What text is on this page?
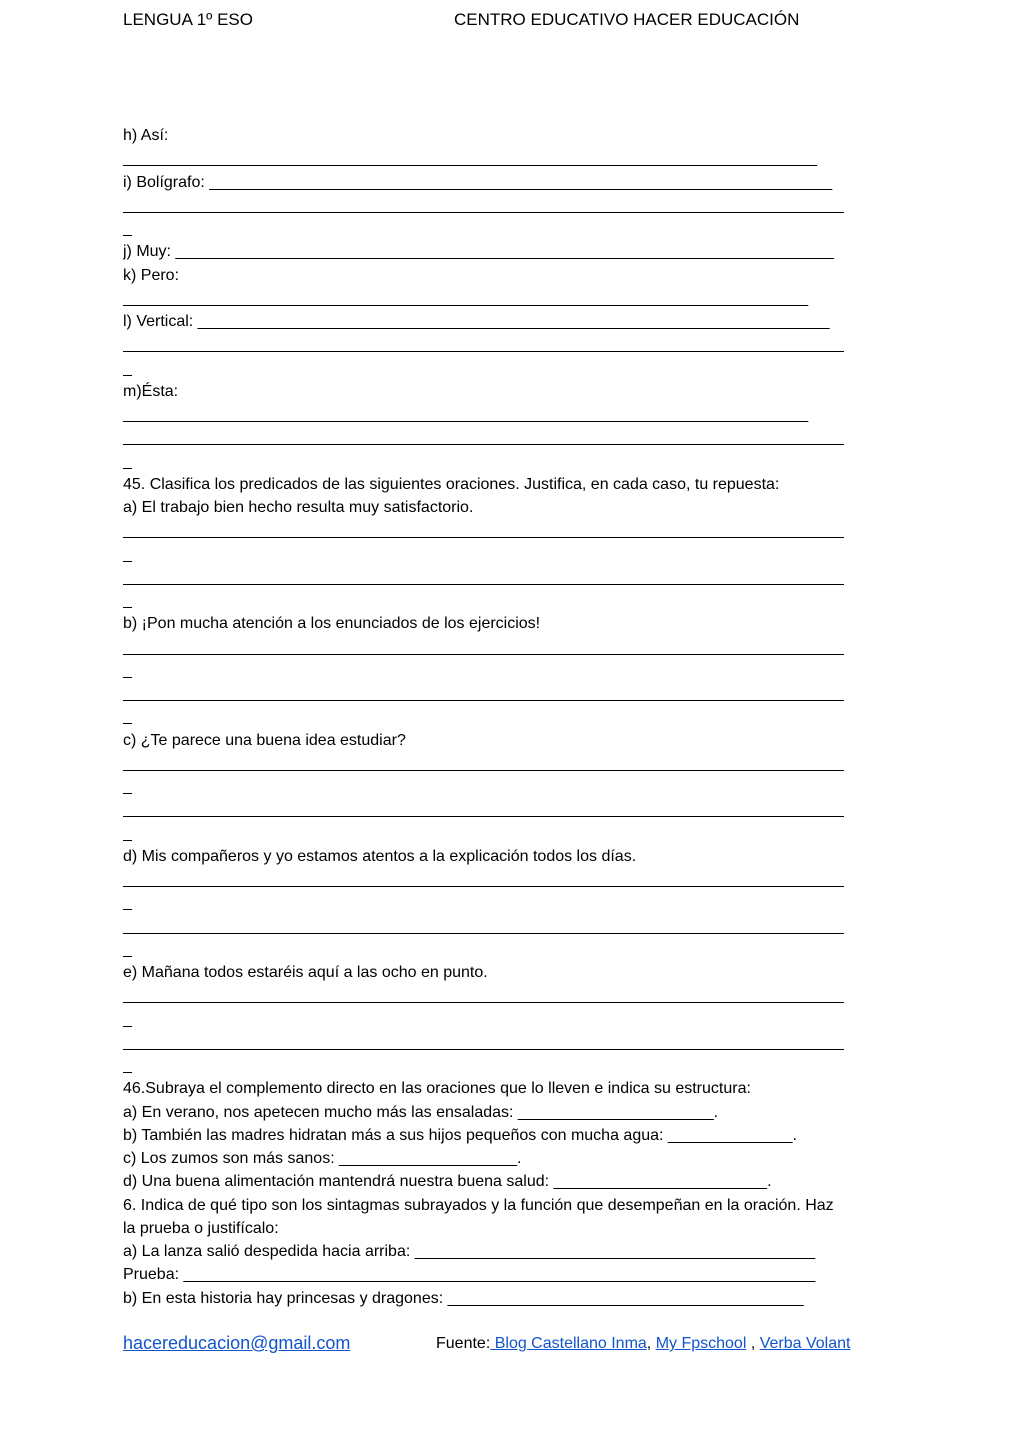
LENGUA 1º ESO	CENTRO EDUCATIVO HACER EDUCACIÓN
h) Así:
______________________________________________________________________________
i) Bolígrafo: ______________________________________________________________________
_________________________________________________________________________________
_
j) Muy: __________________________________________________________________________
k) Pero:
_____________________________________________________________________________
l) Vertical: _______________________________________________________________________
_________________________________________________________________________________
_
m)Ésta:
_____________________________________________________________________________
_________________________________________________________________________________
_
45. Clasifica los predicados de las siguientes oraciones. Justifica, en cada caso, tu repuesta:
a) El trabajo bien hecho resulta muy satisfactorio.
_________________________________________________________________________________
_
_________________________________________________________________________________
_
b) ¡Pon mucha atención a los enunciados de los ejercicios!
_________________________________________________________________________________
_
_________________________________________________________________________________
_
c) ¿Te parece una buena idea estudiar?
_________________________________________________________________________________
_
_________________________________________________________________________________
_
d) Mis compañeros y yo estamos atentos a la explicación todos los días.
_________________________________________________________________________________
_
_________________________________________________________________________________
_
e) Mañana todos estaréis aquí a las ocho en punto.
_________________________________________________________________________________
_
_________________________________________________________________________________
_
46.Subraya el complemento directo en las oraciones que lo lleven e indica su estructura:
a) En verano, nos apetecen mucho más las ensaladas: ______________________.
b) También las madres hidratan más a sus hijos pequeños con mucha agua: ______________.
c) Los zumos son más sanos: ____________________.
d) Una buena alimentación mantendrá nuestra buena salud: ________________________.
6. Indica de qué tipo son los sintagmas subrayados y la función que desempeñan en la oración. Haz
la prueba o justifícalo:
a) La lanza salió despedida hacia arriba: _____________________________________________
Prueba: _______________________________________________________________________
b) En esta historia hay princesas y dragones: ________________________________________
hacereducacion@gmail.com	Fuente: Blog Castellano Inma, My Fpschool , Verba Volant
